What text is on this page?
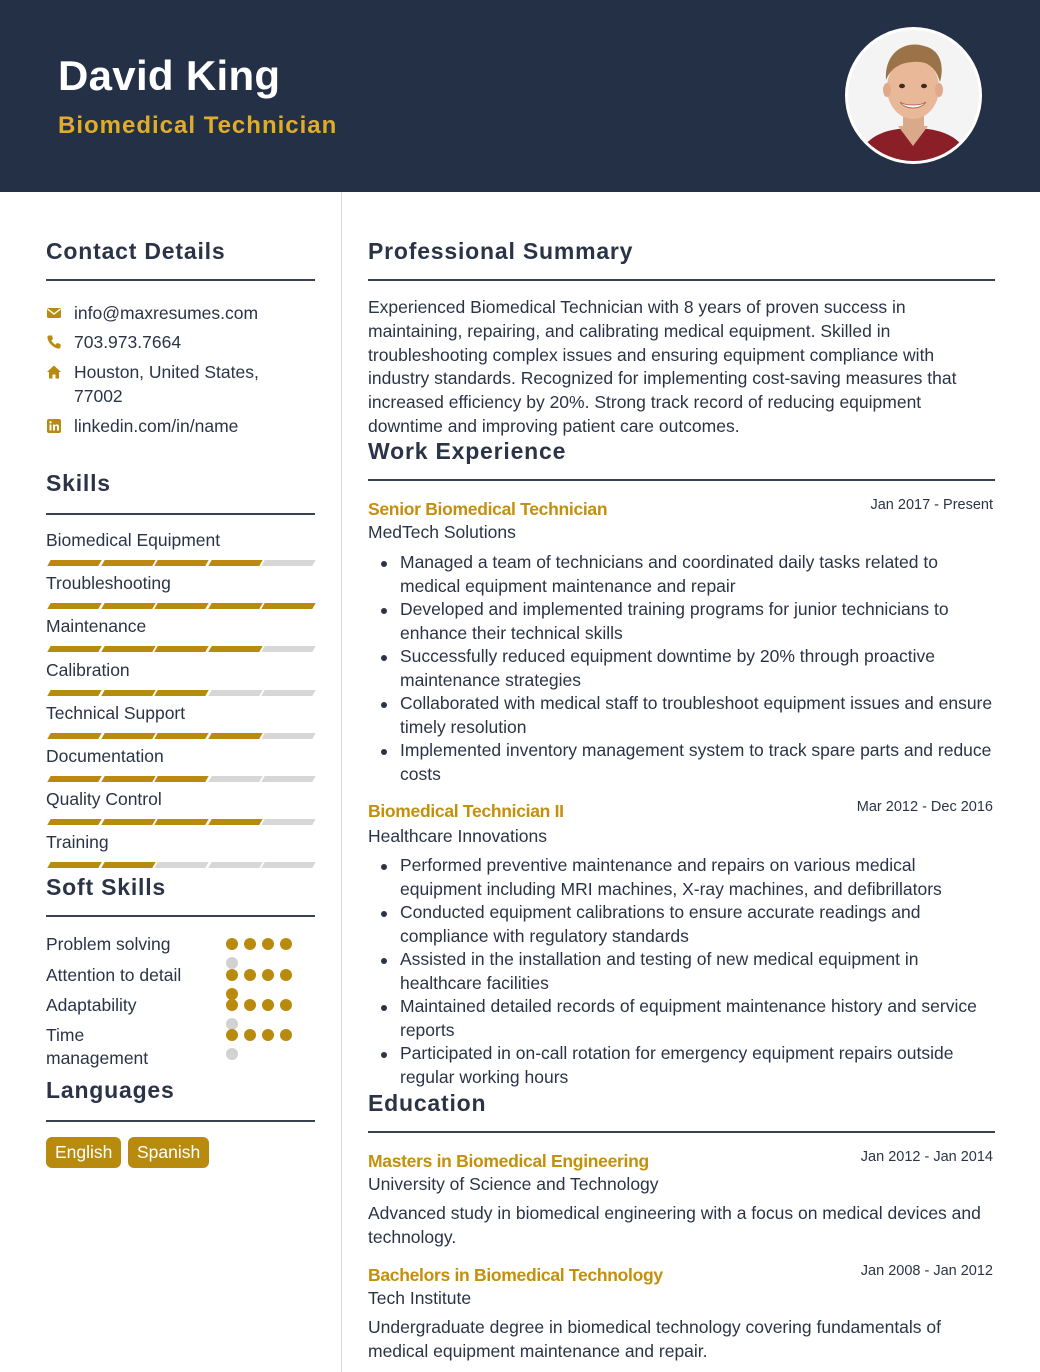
David King
Biomedical Technician
Contact Details
info@maxresumes.com
703.973.7664
Houston, United States, 77002
linkedin.com/in/name
Skills
Biomedical Equipment
Troubleshooting
Maintenance
Calibration
Technical Support
Documentation
Quality Control
Training
Soft Skills
Problem solving
Attention to detail
Adaptability
Time management
Languages
English	Spanish
Professional Summary
Experienced Biomedical Technician with 8 years of proven success in maintaining, repairing, and calibrating medical equipment. Skilled in troubleshooting complex issues and ensuring equipment compliance with industry standards. Recognized for implementing cost-saving measures that increased efficiency by 20%. Strong track record of reducing equipment downtime and improving patient care outcomes.
Work Experience
Senior Biomedical Technician	Jan 2017 - Present
MedTech Solutions
Managed a team of technicians and coordinated daily tasks related to medical equipment maintenance and repair
Developed and implemented training programs for junior technicians to enhance their technical skills
Successfully reduced equipment downtime by 20% through proactive maintenance strategies
Collaborated with medical staff to troubleshoot equipment issues and ensure timely resolution
Implemented inventory management system to track spare parts and reduce costs
Biomedical Technician II	Mar 2012 - Dec 2016
Healthcare Innovations
Performed preventive maintenance and repairs on various medical equipment including MRI machines, X-ray machines, and defibrillators
Conducted equipment calibrations to ensure accurate readings and compliance with regulatory standards
Assisted in the installation and testing of new medical equipment in healthcare facilities
Maintained detailed records of equipment maintenance history and service reports
Participated in on-call rotation for emergency equipment repairs outside regular working hours
Education
Masters in Biomedical Engineering	Jan 2012 - Jan 2014
University of Science and Technology
Advanced study in biomedical engineering with a focus on medical devices and technology.
Bachelors in Biomedical Technology	Jan 2008 - Jan 2012
Tech Institute
Undergraduate degree in biomedical technology covering fundamentals of medical equipment maintenance and repair.
